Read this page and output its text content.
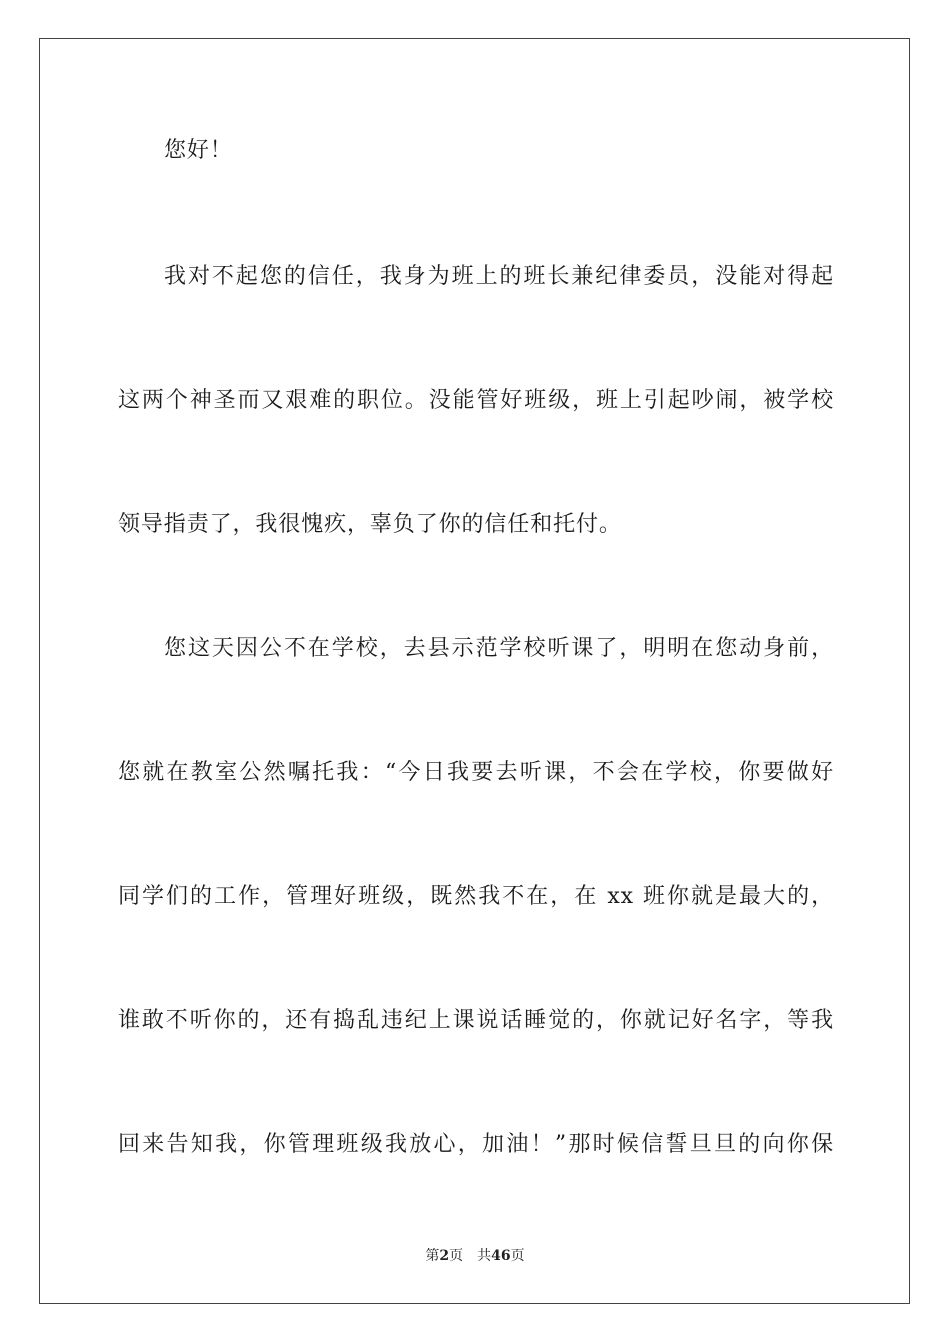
您好！
我对不起您的信任，我身为班上的班长兼纪律委员，没能对得起
这两个神圣而又艰难的职位。没能管好班级，班上引起吵闹，被学校
领导指责了，我很愧疚，辜负了你的信任和托付。
您这天因公不在学校，去县示范学校听课了，明明在您动身前，
您就在教室公然嘱托我：“今日我要去听课，不会在学校，你要做好
同学们的工作，管理好班级，既然我不在，在 xx 班你就是最大的，
谁敢不听你的，还有捣乱违纪上课说话睡觉的，你就记好名字，等我
回来告知我，你管理班级我放心，加油！”那时候信誓旦旦的向你保
第2页 共46页
